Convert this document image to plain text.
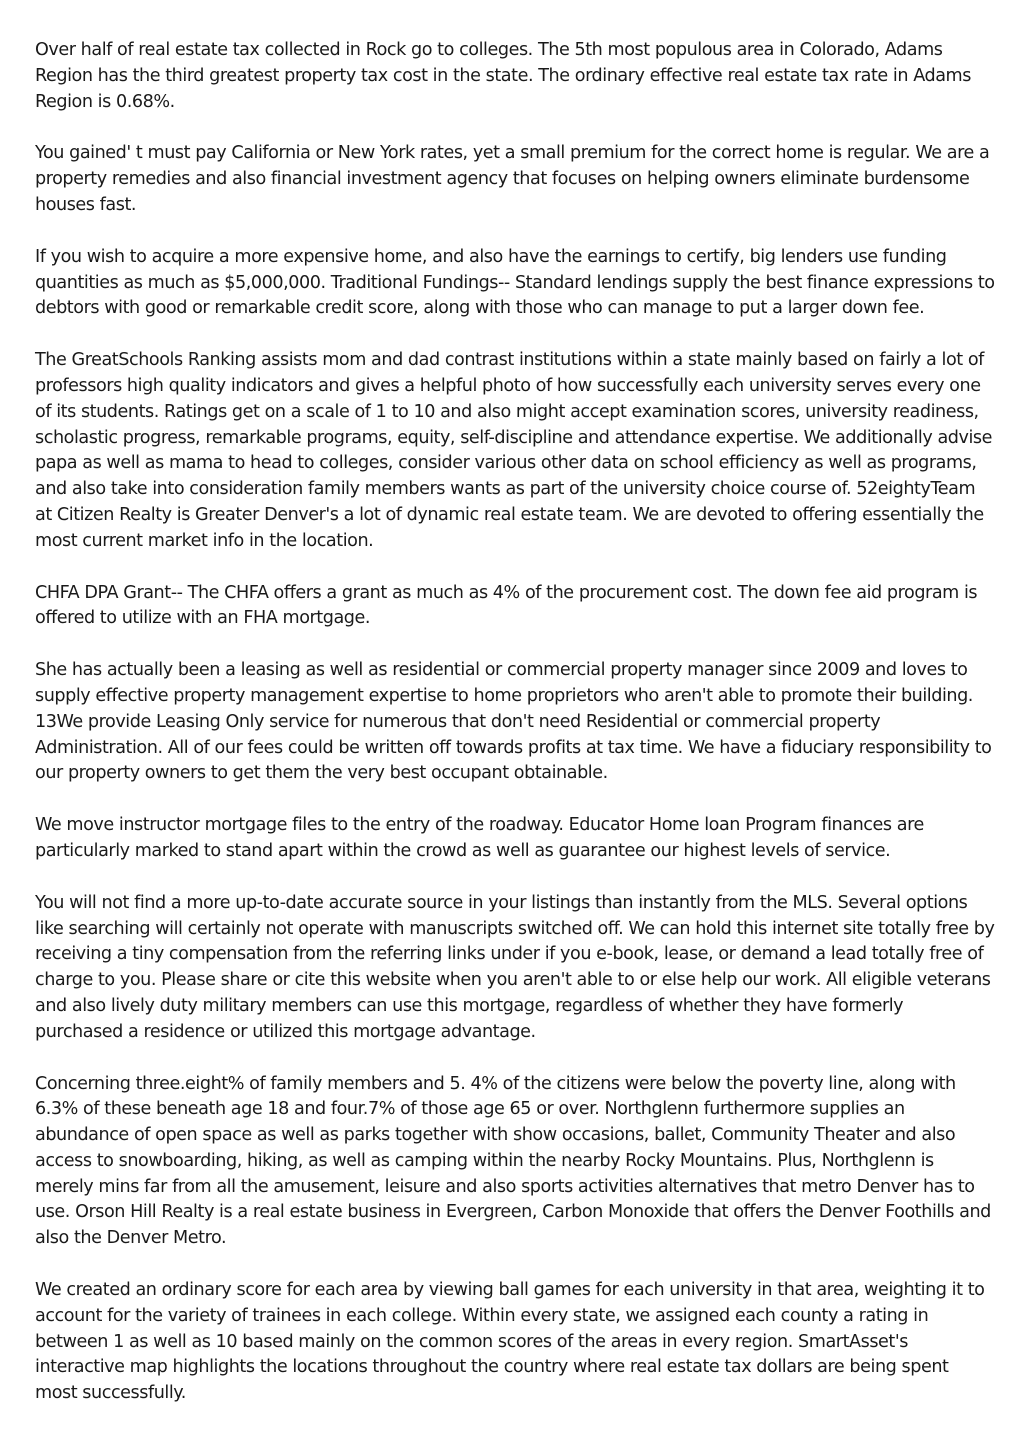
Over half of real estate tax collected in Rock go to colleges. The 5th most populous area in Colorado, Adams Region has the third greatest property tax cost in the state. The ordinary effective real estate tax rate in Adams Region is 0.68%.

You gained' t must pay California or New York rates, yet a small premium for the correct home is regular. We are a property remedies and also financial investment agency that focuses on helping owners eliminate burdensome houses fast.

If you wish to acquire a more expensive home, and also have the earnings to certify, big lenders use funding quantities as much as $5,000,000. Traditional Fundings-- Standard lendings supply the best finance expressions to debtors with good or remarkable credit score, along with those who can manage to put a larger down fee.

The GreatSchools Ranking assists mom and dad contrast institutions within a state mainly based on fairly a lot of professors high quality indicators and gives a helpful photo of how successfully each university serves every one of its students. Ratings get on a scale of 1 to 10 and also might accept examination scores, university readiness, scholastic progress, remarkable programs, equity, self-discipline and attendance expertise. We additionally advise papa as well as mama to head to colleges, consider various other data on school efficiency as well as programs, and also take into consideration family members wants as part of the university choice course of. 52eightyTeam at Citizen Realty is Greater Denver's a lot of dynamic real estate team. We are devoted to offering essentially the most current market info in the location.

CHFA DPA Grant-- The CHFA offers a grant as much as 4% of the procurement cost. The down fee aid program is offered to utilize with an FHA mortgage.

She has actually been a leasing as well as residential or commercial property manager since 2009 and loves to supply effective property management expertise to home proprietors who aren't able to promote their building. 13We provide Leasing Only service for numerous that don't need Residential or commercial property Administration. All of our fees could be written off towards profits at tax time. We have a fiduciary responsibility to our property owners to get them the very best occupant obtainable.

We move instructor mortgage files to the entry of the roadway. Educator Home loan Program finances are particularly marked to stand apart within the crowd as well as guarantee our highest levels of service.

You will not find a more up-to-date accurate source in your listings than instantly from the MLS. Several options like searching will certainly not operate with manuscripts switched off. We can hold this internet site totally free by receiving a tiny compensation from the referring links under if you e-book, lease, or demand a lead totally free of charge to you. Please share or cite this website when you aren't able to or else help our work. All eligible veterans and also lively duty military members can use this mortgage, regardless of whether they have formerly purchased a residence or utilized this mortgage advantage.

Concerning three.eight% of family members and 5. 4% of the citizens were below the poverty line, along with 6.3% of these beneath age 18 and four.7% of those age 65 or over. Northglenn furthermore supplies an abundance of open space as well as parks together with show occasions, ballet, Community Theater and also access to snowboarding, hiking, as well as camping within the nearby Rocky Mountains. Plus, Northglenn is merely mins far from all the amusement, leisure and also sports activities alternatives that metro Denver has to use. Orson Hill Realty is a real estate business in Evergreen, Carbon Monoxide that offers the Denver Foothills and also the Denver Metro.

We created an ordinary score for each area by viewing ball games for each university in that area, weighting it to account for the variety of trainees in each college. Within every state, we assigned each county a rating in between 1 as well as 10 based mainly on the common scores of the areas in every region. SmartAsset's interactive map highlights the locations throughout the country where real estate tax dollars are being spent most successfully.
